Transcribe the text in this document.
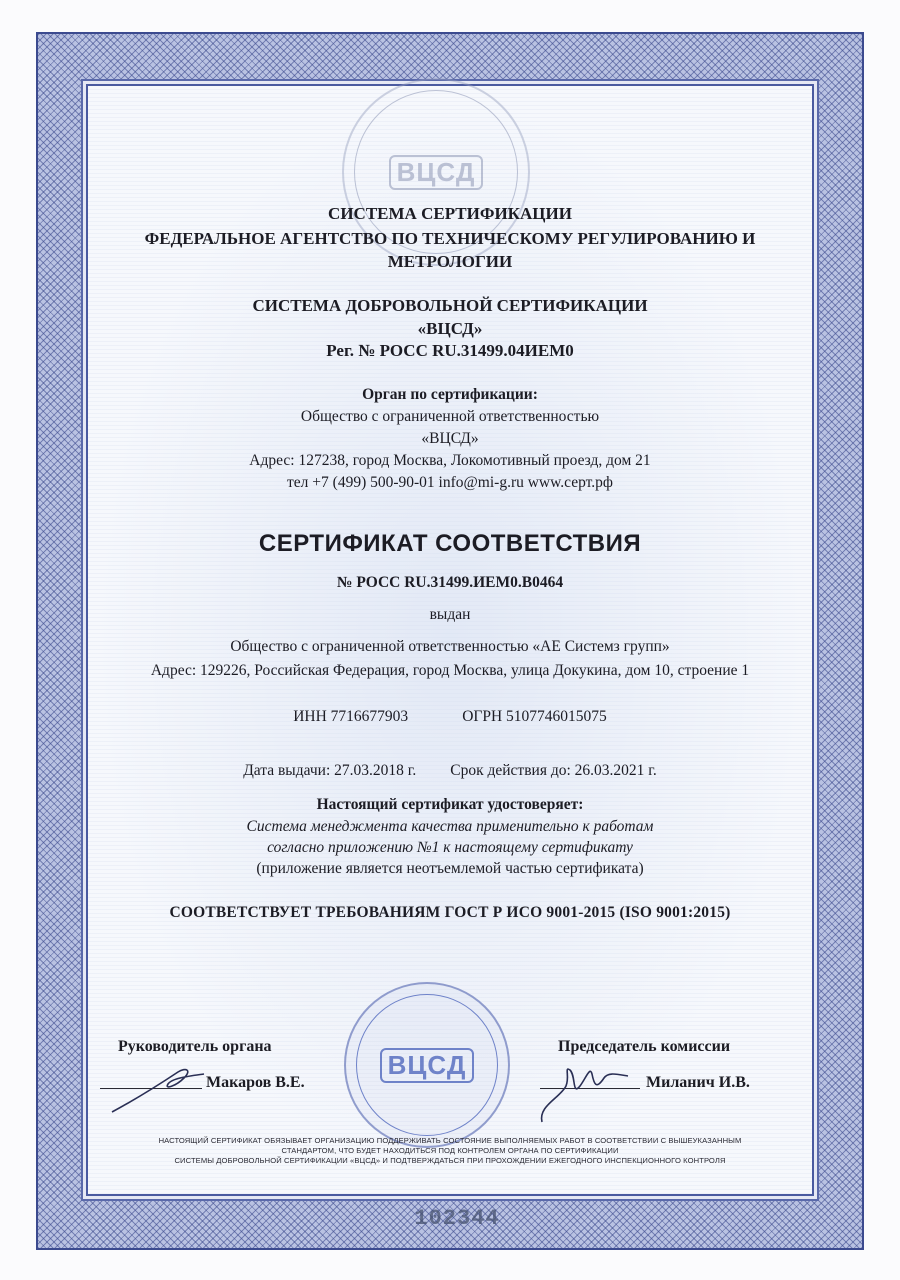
ВЦСД
СИСТЕМА СЕРТИФИКАЦИИ
ФЕДЕРАЛЬНОЕ АГЕНТСТВО ПО ТЕХНИЧЕСКОМУ РЕГУЛИРОВАНИЮ И
МЕТРОЛОГИИ
СИСТЕМА ДОБРОВОЛЬНОЙ СЕРТИФИКАЦИИ
«ВЦСД»
Рег. № РОСС RU.31499.04ИЕМ0
Орган по сертификации:
Общество с ограниченной ответственностью
«ВЦСД»
Адрес: 127238, город Москва, Локомотивный проезд, дом 21
тел +7 (499) 500-90-01 info@mi-g.ru www.серт.рф
СЕРТИФИКАТ СООТВЕТСТВИЯ
№ РОСС RU.31499.ИЕМ0.В0464
выдан
Общество с ограниченной ответственностью «АЕ Системз групп»
Адрес: 129226, Российская Федерация, город Москва, улица Докукина, дом 10, строение 1
ИНН 7716677903	ОГРН 5107746015075
Дата выдачи: 27.03.2018 г. Срок действия до: 26.03.2021 г.
Настоящий сертификат удостоверяет:
Система менеджмента качества применительно к работам
согласно приложению №1 к настоящему сертификату
(приложение является неотъемлемой частью сертификата)
СООТВЕТСТВУЕТ ТРЕБОВАНИЯМ ГОСТ Р ИСО 9001-2015 (ISO 9001:2015)
ВЦСД
Руководитель органа
Макаров В.Е.
Председатель комиссии
Миланич И.В.
НАСТОЯЩИЙ СЕРТИФИКАТ ОБЯЗЫВАЕТ ОРГАНИЗАЦИЮ ПОДДЕРЖИВАТЬ СОСТОЯНИЕ ВЫПОЛНЯЕМЫХ РАБОТ В СООТВЕТСТВИИ С ВЫШЕУКАЗАННЫМ
СТАНДАРТОМ, ЧТО БУДЕТ НАХОДИТЬСЯ ПОД КОНТРОЛЕМ ОРГАНА ПО СЕРТИФИКАЦИИ
СИСТЕМЫ ДОБРОВОЛЬНОЙ СЕРТИФИКАЦИИ «ВЦСД» И ПОДТВЕРЖДАТЬСЯ ПРИ ПРОХОЖДЕНИИ ЕЖЕГОДНОГО ИНСПЕКЦИОННОГО КОНТРОЛЯ
102344
